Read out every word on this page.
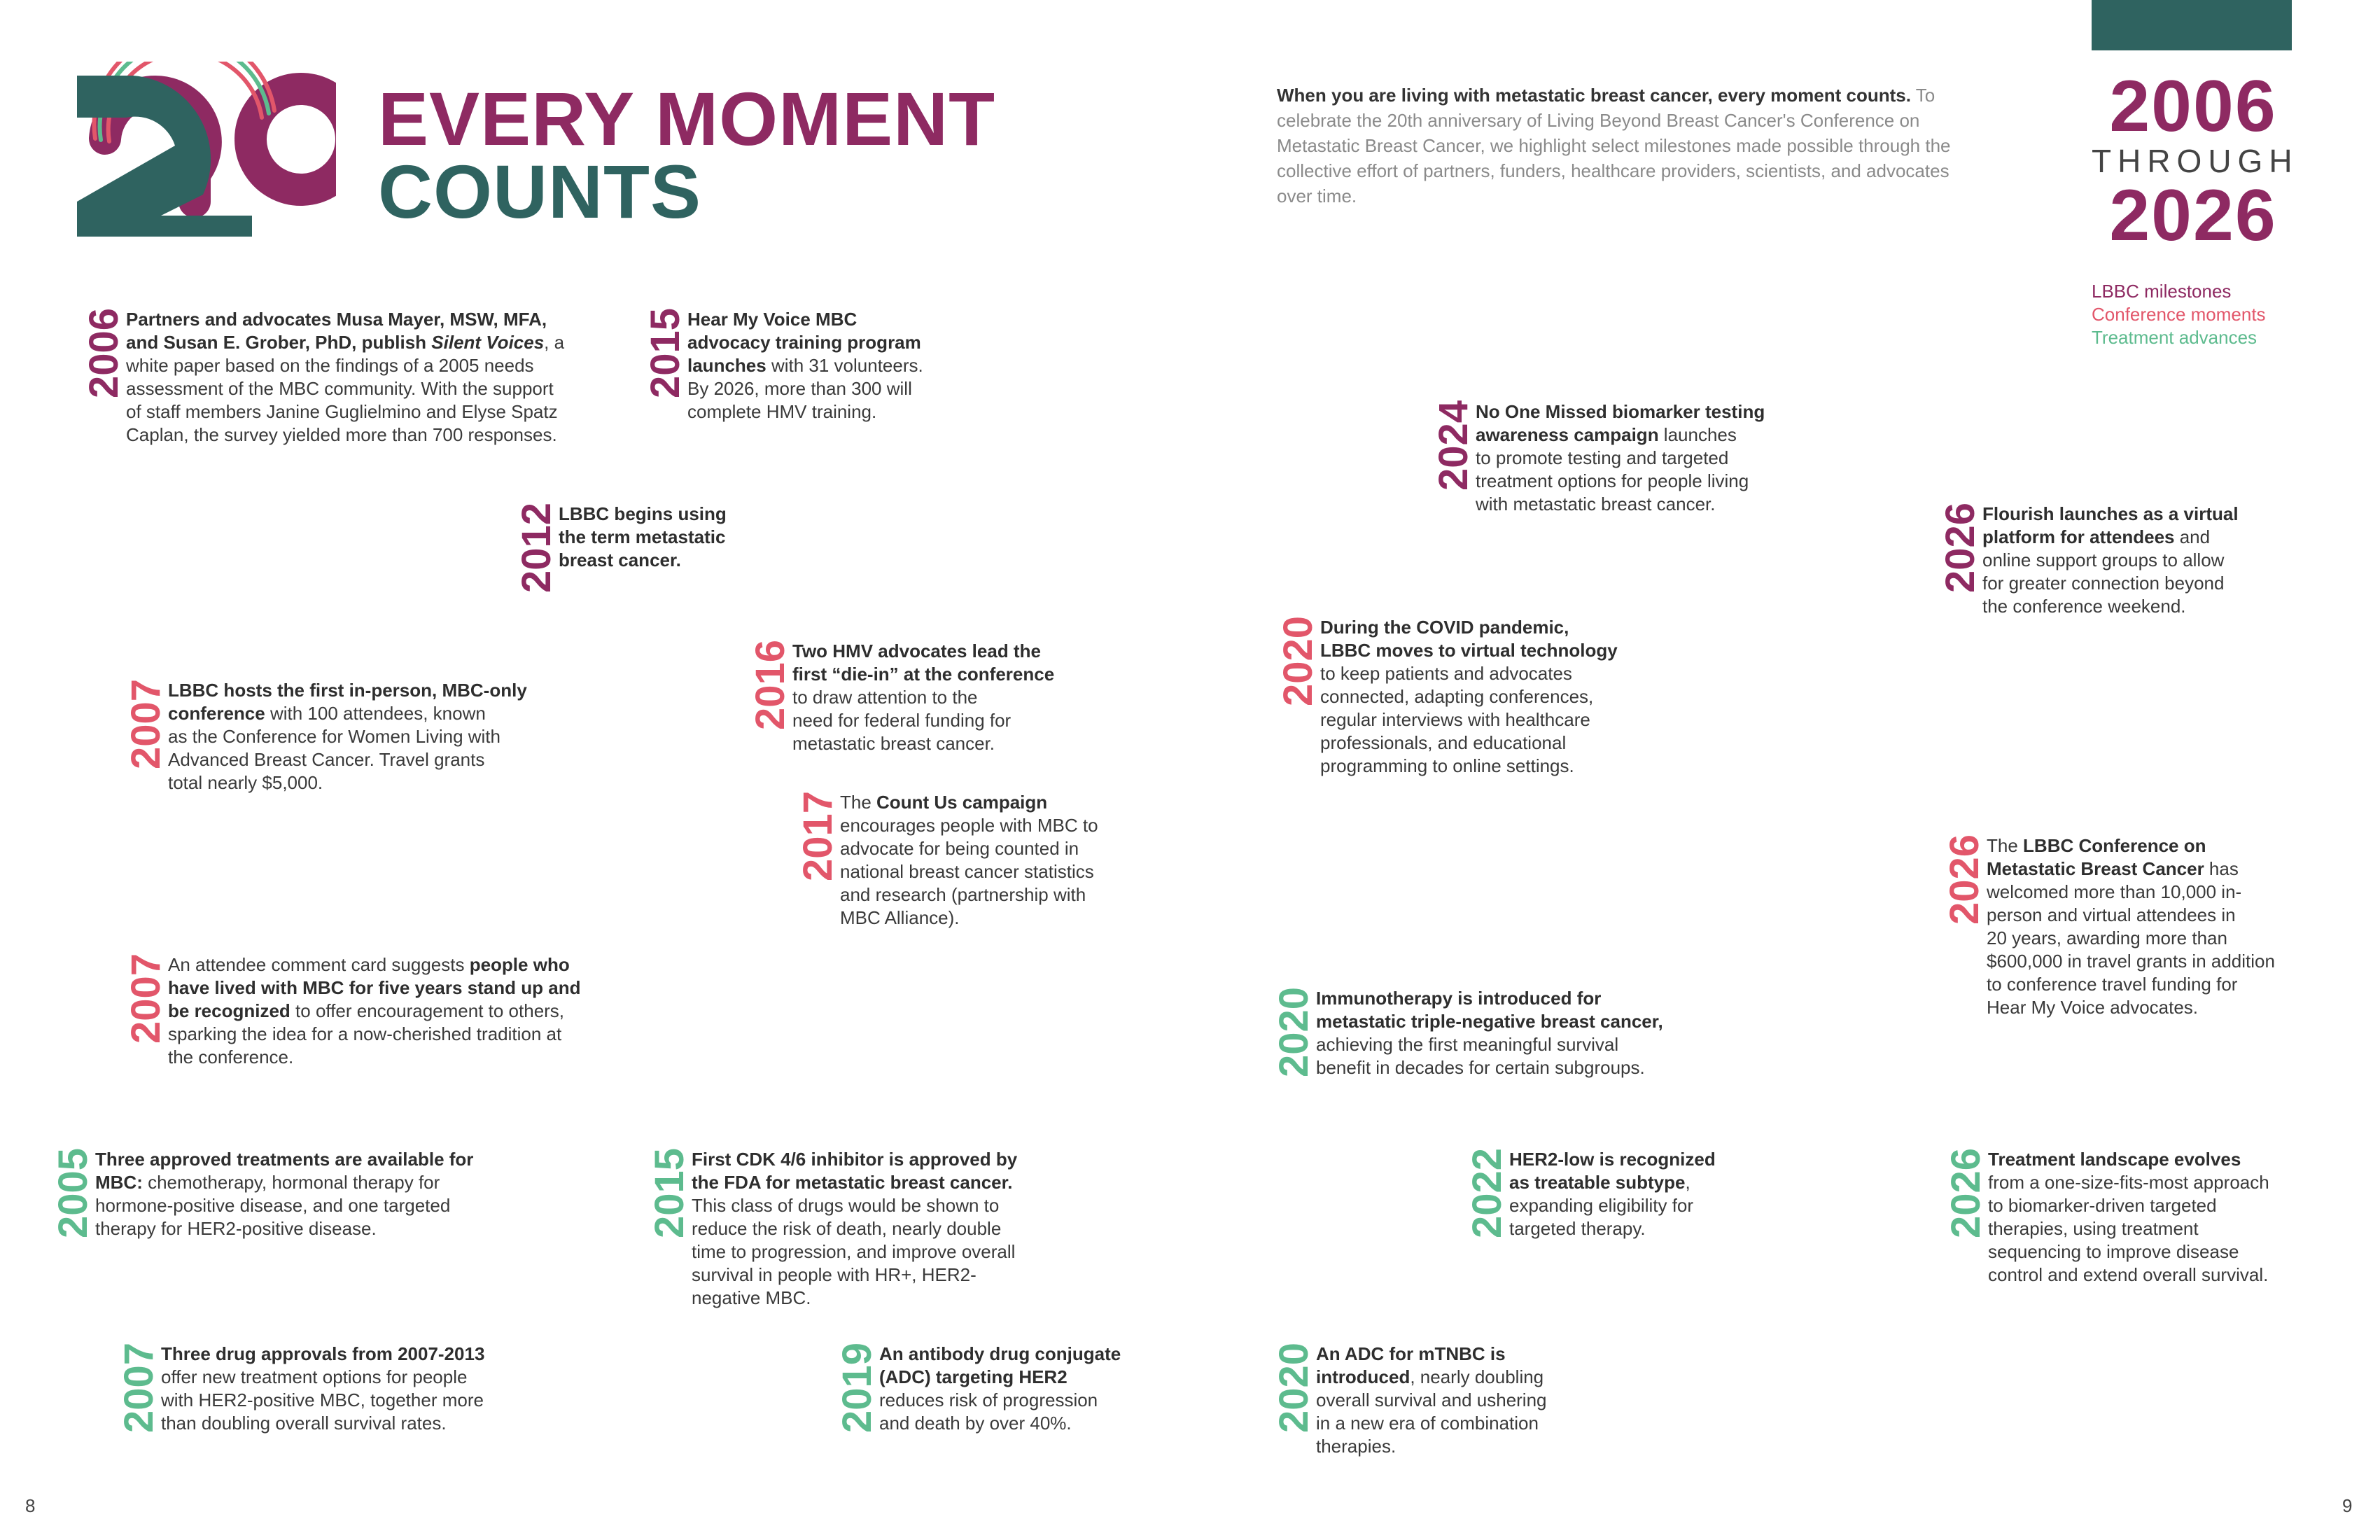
EVERY MOMENT
COUNTS
When you are living with metastatic breast cancer, every moment counts. To celebrate the 20th anniversary of Living Beyond Breast Cancer's Conference on Metastatic Breast Cancer, we highlight select milestones made possible through the collective effort of partners, funders, healthcare providers, scientists, and advocates over time.
2006
THROUGH
2026
LBBC milestones
Conference moments
Treatment advances
2006 Partners and advocates Musa Mayer, MSW, MFA,
and Susan E. Grober, PhD, publish Silent Voices, a
white paper based on the findings of a 2005 needs
assessment of the MBC community. With the support
of staff members Janine Guglielmino and Elyse Spatz
Caplan, the survey yielded more than 700 responses.
2015 Hear My Voice MBC
advocacy training program
launches with 31 volunteers.
By 2026, more than 300 will
complete HMV training.
2012 LBBC begins using
the term metastatic
breast cancer.
2024 No One Missed biomarker testing
awareness campaign launches
to promote testing and targeted
treatment options for people living
with metastatic breast cancer.	2026 Flourish launches as a virtual
platform for attendees and
online support groups to allow
for greater connection beyond
the conference weekend.
2007 LBBC hosts the first in-person, MBC-only
conference with 100 attendees, known
as the Conference for Women Living with
Advanced Breast Cancer. Travel grants
total nearly $5,000.
2016 Two HMV advocates lead the
first “die-in” at the conference
to draw attention to the
need for federal funding for
metastatic breast cancer.
2020 During the COVID pandemic,
LBBC moves to virtual technology
to keep patients and advocates
connected, adapting conferences,
regular interviews with healthcare
professionals, and educational
programming to online settings.
2017 The Count Us campaign
encourages people with MBC to
advocate for being counted in
national breast cancer statistics
and research (partnership with
MBC Alliance).	2026 The LBBC Conference on
Metastatic Breast Cancer has
welcomed more than 10,000 in-
person and virtual attendees in
20 years, awarding more than
$600,000 in travel grants in addition
to conference travel funding for
Hear My Voice advocates.
2007 An attendee comment card suggests people who
have lived with MBC for five years stand up and
be recognized to offer encouragement to others,
sparking the idea for a now-cherished tradition at
the conference.	2020 Immunotherapy is introduced for
metastatic triple-negative breast cancer,
achieving the first meaningful survival
benefit in decades for certain subgroups.
2005 Three approved treatments are available for
MBC: chemotherapy, hormonal therapy for
hormone-positive disease, and one targeted
therapy for HER2-positive disease.	2015 First CDK 4/6 inhibitor is approved by
the FDA for metastatic breast cancer.
This class of drugs would be shown to
reduce the risk of death, nearly double
time to progression, and improve overall
survival in people with HR+, HER2-
negative MBC.
2022 HER2-low is recognized
as treatable subtype,
expanding eligibility for
targeted therapy.	2026 Treatment landscape evolves
from a one-size-fits-most approach
to biomarker-driven targeted
therapies, using treatment
sequencing to improve disease
control and extend overall survival.
2007 Three drug approvals from 2007-2013
offer new treatment options for people
with HER2-positive MBC, together more
than doubling overall survival rates.	2019 An antibody drug conjugate
(ADC) targeting HER2
reduces risk of progression
and death by over 40%.	2020 An ADC for mTNBC is
introduced, nearly doubling
overall survival and ushering
in a new era of combination
therapies.
8	9
